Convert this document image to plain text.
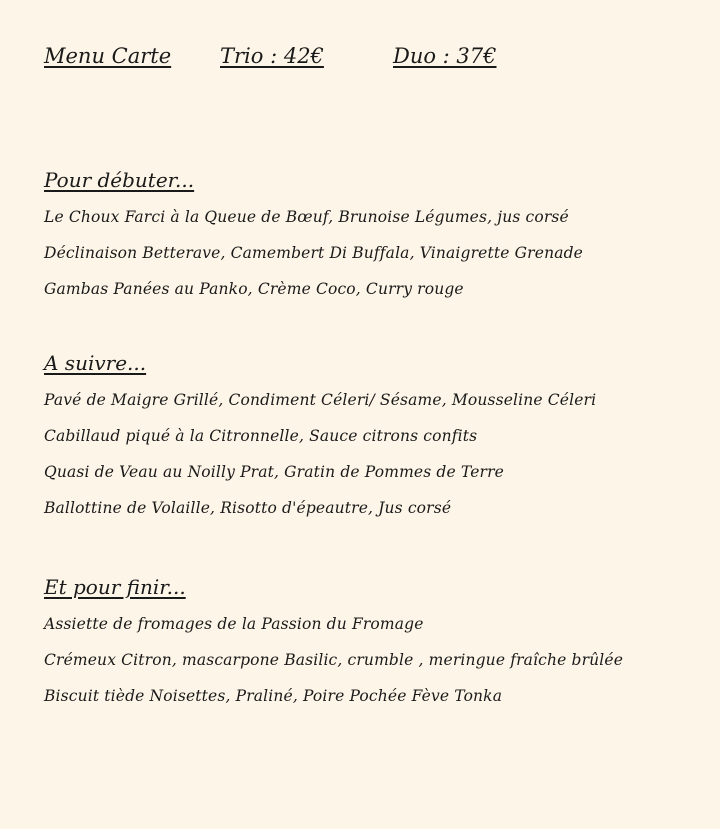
Menu Carte Trio : 42€	Duo : 37€
Pour débuter...
Le Choux Farci à la Queue de Bœuf, Brunoise Légumes, jus corsé
Déclinaison Betterave, Camembert Di Buffala, Vinaigrette Grenade
Gambas Panées au Panko, Crème Coco, Curry rouge
A suivre...
Pavé de Maigre Grillé, Condiment Céleri/ Sésame, Mousseline Céleri
Cabillaud piqué à la Citronnelle, Sauce citrons confits
Quasi de Veau au Noilly Prat, Gratin de Pommes de Terre
Ballottine de Volaille, Risotto d'épeautre, Jus corsé
Et pour finir...
Assiette de fromages de la Passion du Fromage
Crémeux Citron, mascarpone Basilic, crumble , meringue fraîche brûlée
Biscuit tiède Noisettes, Praliné, Poire Pochée Fève Tonka
